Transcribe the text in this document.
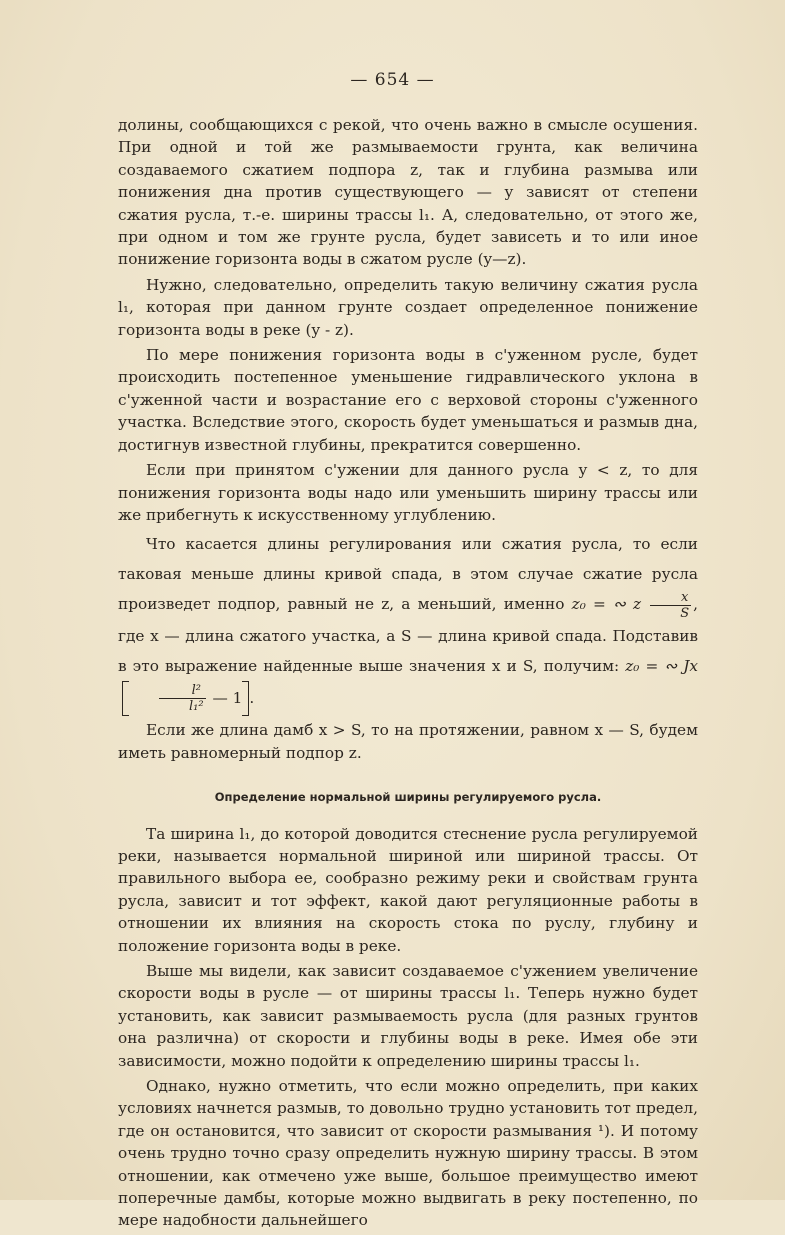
— 654 —

долины, сообщающихся с рекой, что очень важно в смысле осушения. При одной и той же размываемости грунта, как величина создаваемого сжатием подпора z, так и глубина размыва или понижения дна против существующего — y зависят от степени сжатия русла, т.-е. ширины трассы l₁. А, следовательно, от этого же, при одном и том же грунте русла, будет зависеть и то или иное понижение горизонта воды в сжатом русле (y—z).

Нужно, следовательно, определить такую величину сжатия русла l₁, которая при данном грунте создает определенное понижение горизонта воды в реке (y - z).

По мере понижения горизонта воды в с'уженном русле, будет происходить постепенное уменьшение гидравлического уклона в с'уженной части и возрастание его с верховой стороны с'уженного участка. Вследствие этого, скорость будет уменьшаться и размыв дна, достигнув известной глубины, прекратится совершенно.

Если при принятом с'ужении для данного русла y < z, то для понижения горизонта воды надо или уменьшить ширину трассы или же прибегнуть к искусственному углублению.

Что касается длины регулирования или сжатия русла, то если таковая меньше длины кривой спада, в этом случае сжатие русла произведет подпор, равный не z, а меньший, именно z₀ = ∾ z $\frac{x}{S}$ , где x — длина сжатого участка, а S — длина кривой спада. Подставив в это выражение найденные выше значения x и S, получим: z₀ = ∾ Jx
$\frac{\text{l²}}{\text{l₁²}}$ — 1 .

Если же длина дамб x > S, то на протяжении, равном x — S, будем иметь равномерный подпор z.

Определение нормальной ширины регулируемого русла.

Та ширина l₁, до которой доводится стеснение русла регулируемой реки, называется нормальной шириной или шириной трассы. От правильного выбора ее, сообразно режиму реки и свойствам грунта русла, зависит и тот эффект, какой дают регуляционные работы в отношении их влияния на скорость стока по руслу, глубину и положение горизонта воды в реке.

Выше мы видели, как зависит создаваемое с'ужением увеличение скорости воды в русле — от ширины трассы l₁. Теперь нужно будет установить, как зависит размываемость русла (для разных грунтов она различна) от скорости и глубины воды в реке. Имея обе эти зависимости, можно подойти к определению ширины трассы l₁.

Однако, нужно отметить, что если можно определить, при каких условиях начнется размыв, то довольно трудно установить тот предел, где он остановится, что зависит от скорости размывания ¹). И потому очень трудно точно сразу определить нужную ширину трассы. В этом отношении, как отмечено уже выше, большое преимущество имеют поперечные дамбы, которые можно выдвигать в реку постепенно, по мере надобности дальнейшего
